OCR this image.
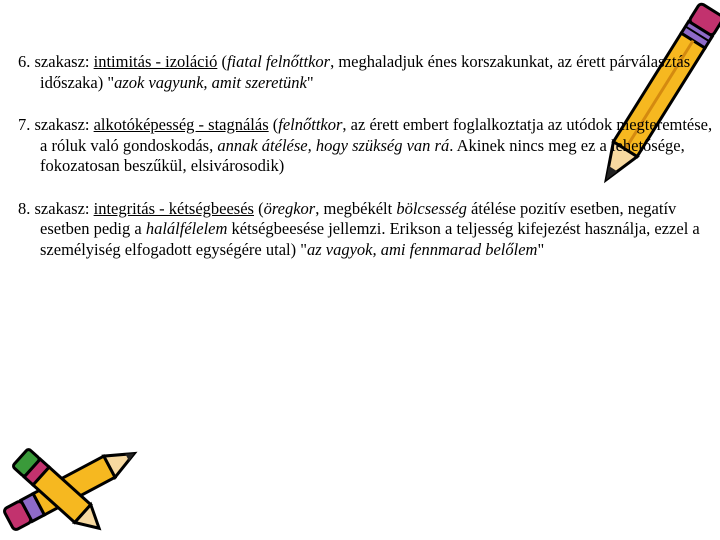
6. szakasz: intimitás - izoláció (fiatal felnőttkor, meghaladjuk énes korszakunkat, az érett párválasztás időszaka) "azok vagyunk, amit szeretünk"

7. szakasz: alkotóképesség - stagnálás (felnőttkor, az érett embert foglalkoztatja az utódok megteremtése, a róluk való gondoskodás, annak átélése, hogy szükség van rá. Akinek nincs meg ez a lehetősége, fokozatosan beszűkül, elsivárosodik)

8. szakasz: integritás - kétségbeesés (öregkor, megbékélt bölcsesség átélése pozitív esetben, negatív esetben pedig a halálfélelem kétségbeesése jellemzi. Erikson a teljesség kifejezést használja, ezzel a személyiség elfogadott egységére utal) "az vagyok, ami fennmarad belőlem"
